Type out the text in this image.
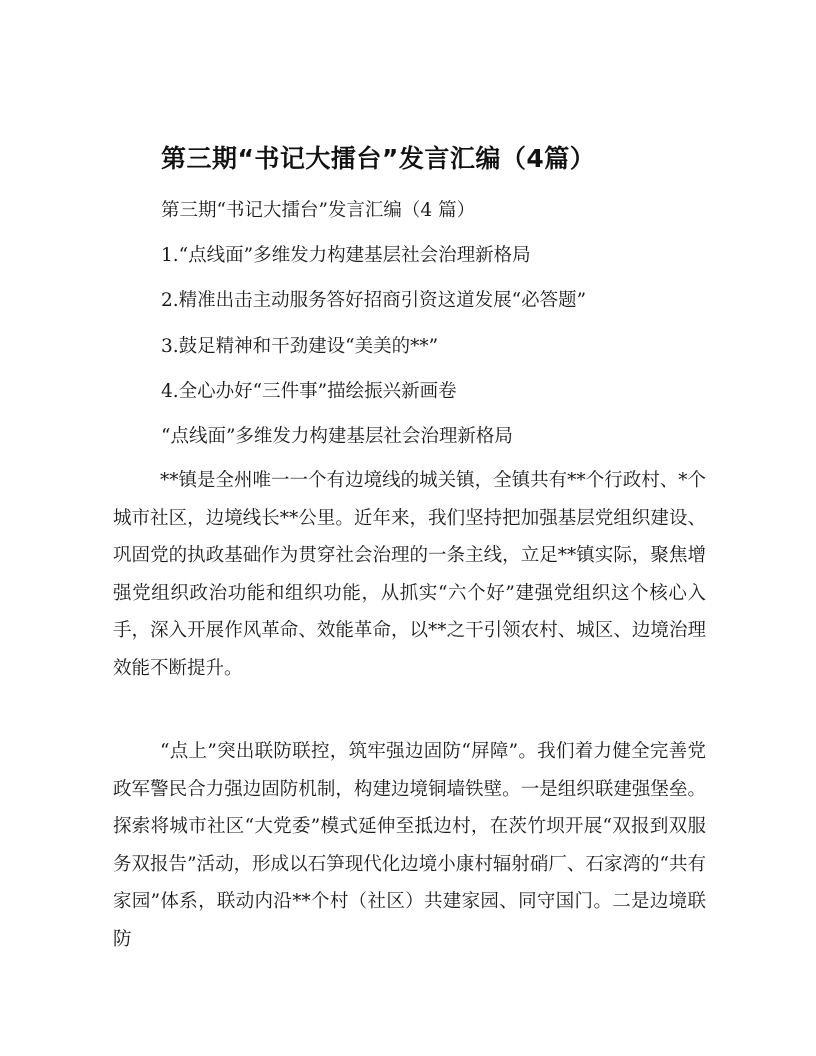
第三期“书记大擂台”发言汇编（4篇）

第三期“书记大擂台”发言汇编（4 篇）

1.“点线面”多维发力构建基层社会治理新格局

2.精准出击主动服务答好招商引资这道发展“必答题”

3.鼓足精神和干劲建设“美美的**”

4.全心办好“三件事”描绘振兴新画卷

“点线面”多维发力构建基层社会治理新格局

**镇是全州唯一一个有边境线的城关镇，全镇共有**个行政村、*个城市社区，边境线长**公里。近年来，我们坚持把加强基层党组织建设、巩固党的执政基础作为贯穿社会治理的一条主线，立足**镇实际，聚焦增强党组织政治功能和组织功能，从抓实“六个好”建强党组织这个核心入手，深入开展作风革命、效能革命，以**之干引领农村、城区、边境治理效能不断提升。

“点上”突出联防联控，筑牢强边固防“屏障”。我们着力健全完善党政军警民合力强边固防机制，构建边境铜墙铁壁。一是组织联建强堡垒。探索将城市社区“大党委”模式延伸至抵边村，在茨竹坝开展“双报到双服务双报告”活动，形成以石笋现代化边境小康村辐射硝厂、石家湾的“共有家园”体系，联动内沿**个村（社区）共建家园、同守国门。二是边境联防
